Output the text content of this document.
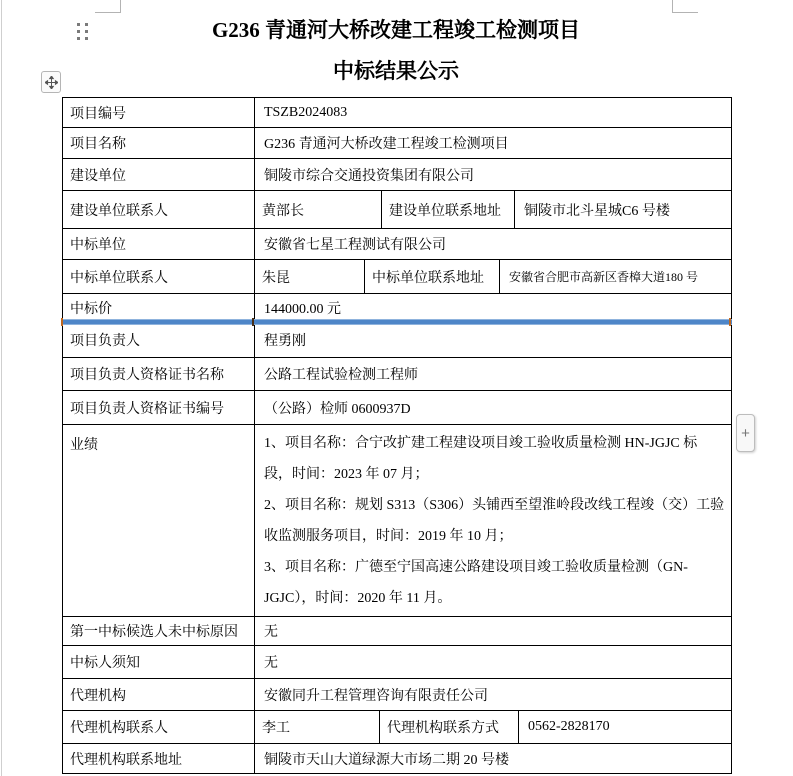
+
G236 青通河大桥改建工程竣工检测项目
中标结果公示
项目编号	TSZB2024083
项目名称	G236 青通河大桥改建工程竣工检测项目
建设单位	铜陵市综合交通投资集团有限公司
建设单位联系人	黄部长	建设单位联系地址 铜陵市北斗星城C6 号楼
中标单位	安徽省七星工程测试有限公司
中标单位联系人	朱昆	中标单位联系地址 安徽省合肥市高新区香樟大道180 号
中标价	144000.00 元
项目负责人	程勇刚
项目负责人资格证书名称	公路工程试验检测工程师
项目负责人资格证书编号	（公路）检师 0600937D
业绩	1、项目名称：合宁改扩建工程建设项目竣工验收质量检测 HN-JGJC 标段，时间：2023 年 07 月；

2、项目名称：规划 S313（S306）头铺西至望淮岭段改线工程竣（交）工验收监测服务项目，时间：2019 年 10 月；

3、项目名称：广德至宁国高速公路建设项目竣工验收质量检测（GN-JGJC），时间：2020 年 11 月。

第一中标候选人未中标原因 无
中标人须知	无
代理机构	安徽同升工程管理咨询有限责任公司
代理机构联系人	李工	代理机构联系方式 0562-2828170
代理机构联系地址	铜陵市天山大道绿源大市场二期 20 号楼
